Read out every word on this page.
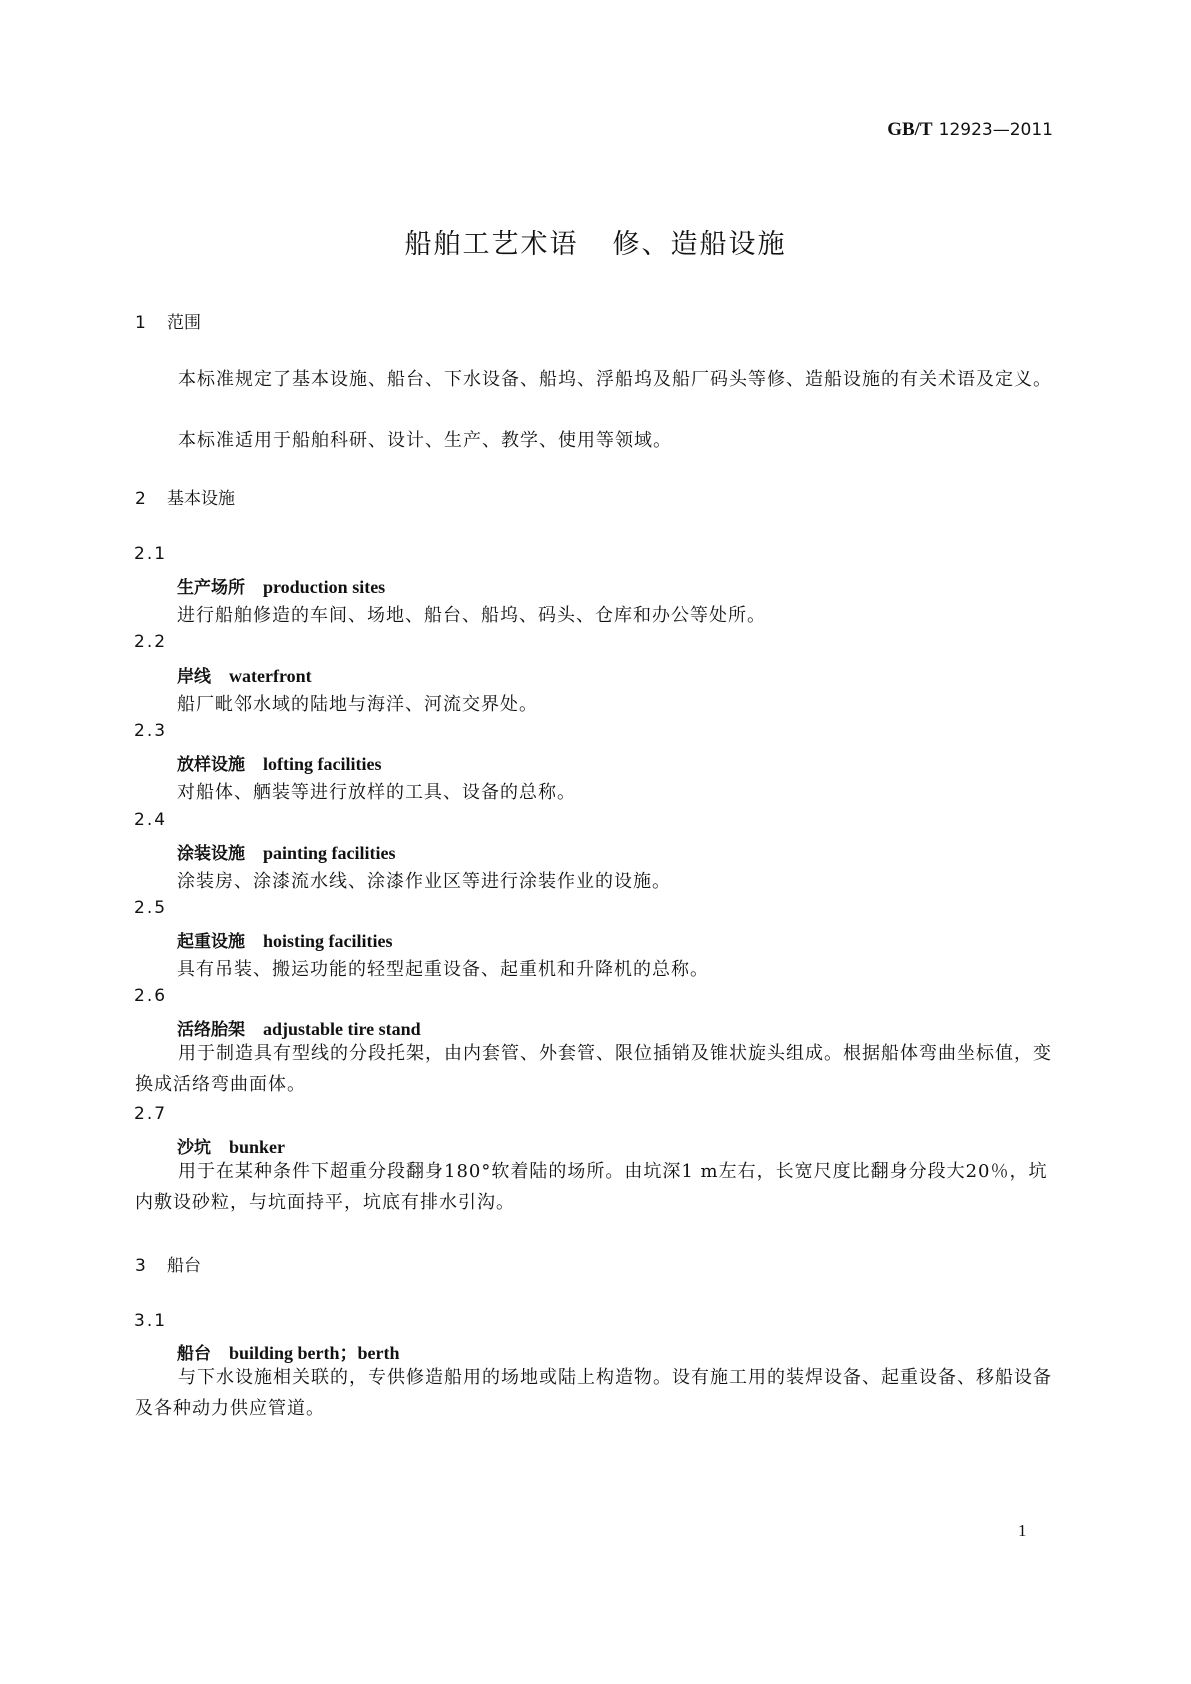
GB/T 12923—2011
船舶工艺术语 修、造船设施
1 范围

本标准规定了基本设施、船台、下水设备、船坞、浮船坞及船厂码头等修、造船设施的有关术语及定义。

本标准适用于船舶科研、设计、生产、教学、使用等领域。

2 基本设施
2.1
生产场所 production sites
进行船舶修造的车间、场地、船台、船坞、码头、仓库和办公等处所。
2.2
岸线 waterfront
船厂毗邻水域的陆地与海洋、河流交界处。
2.3
放样设施 lofting facilities
对船体、舾装等进行放样的工具、设备的总称。
2.4
涂装设施 painting facilities
涂装房、涂漆流水线、涂漆作业区等进行涂装作业的设施。
2.5
起重设施 hoisting facilities
具有吊装、搬运功能的轻型起重设备、起重机和升降机的总称。
2.6
活络胎架 adjustable tire stand

用于制造具有型线的分段托架，由内套管、外套管、限位插销及锥状旋头组成。根据船体弯曲坐标值，变换成活络弯曲面体。

2.7
沙坑 bunker

用于在某种条件下超重分段翻身180°软着陆的场所。由坑深1 m左右，长宽尺度比翻身分段大20％，坑内敷设砂粒，与坑面持平，坑底有排水引沟。

3 船台
3.1
船台 building berth；berth

与下水设施相关联的，专供修造船用的场地或陆上构造物。设有施工用的装焊设备、起重设备、移船设备及各种动力供应管道。

1
